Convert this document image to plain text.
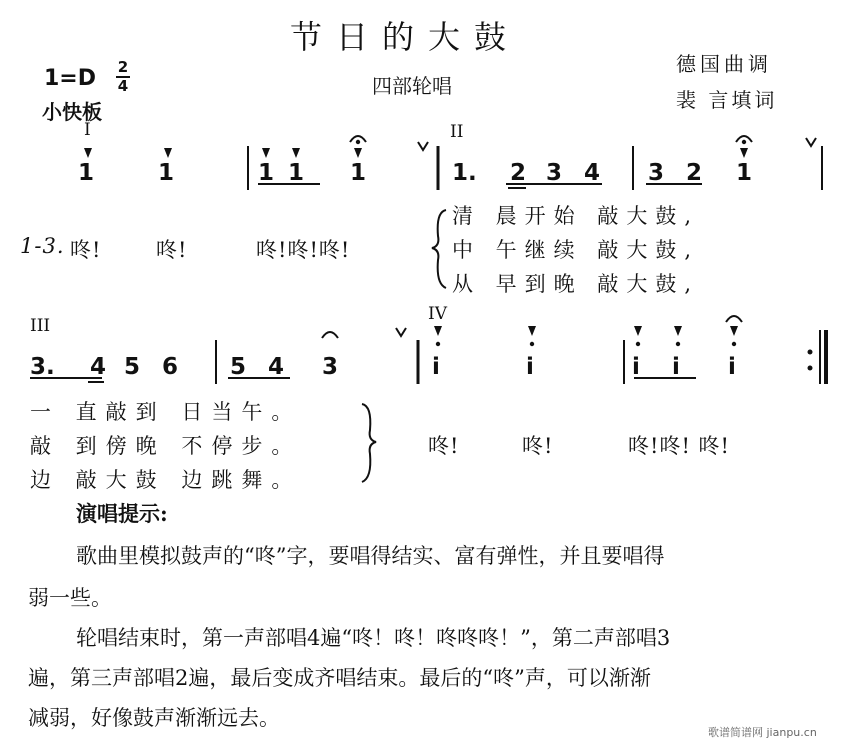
节日的大鼓
1=D 2
4
小快板
四部轮唱
德国曲调
裴 言填词
I	II
III
IV
1	1	1 1 1	1. 2 3 4 3 2 1
1-3. 咚!	咚!	咚!咚!咚!
清 晨开始 敲大鼓,
中 午继续 敲大鼓,
从 早到晚 敲大鼓,
3. 4 5 6 5 4 3	i	i	i i i
一 直敲到 日当午。
敲 到傍晚 不停步。
边 敲大鼓 边跳舞。
咚!	咚!	咚!咚! 咚!
演唱提示:
歌曲里模拟鼓声的“咚”字，要唱得结实、富有弹性，并且要唱得
弱一些。
轮唱结束时，第一声部唱4遍“咚！咚！咚咚咚！”，第二声部唱3
遍，第三声部唱2遍，最后变成齐唱结束。最后的“咚”声，可以渐渐
减弱，好像鼓声渐渐远去。
歌谱简谱网 jianpu.cn
